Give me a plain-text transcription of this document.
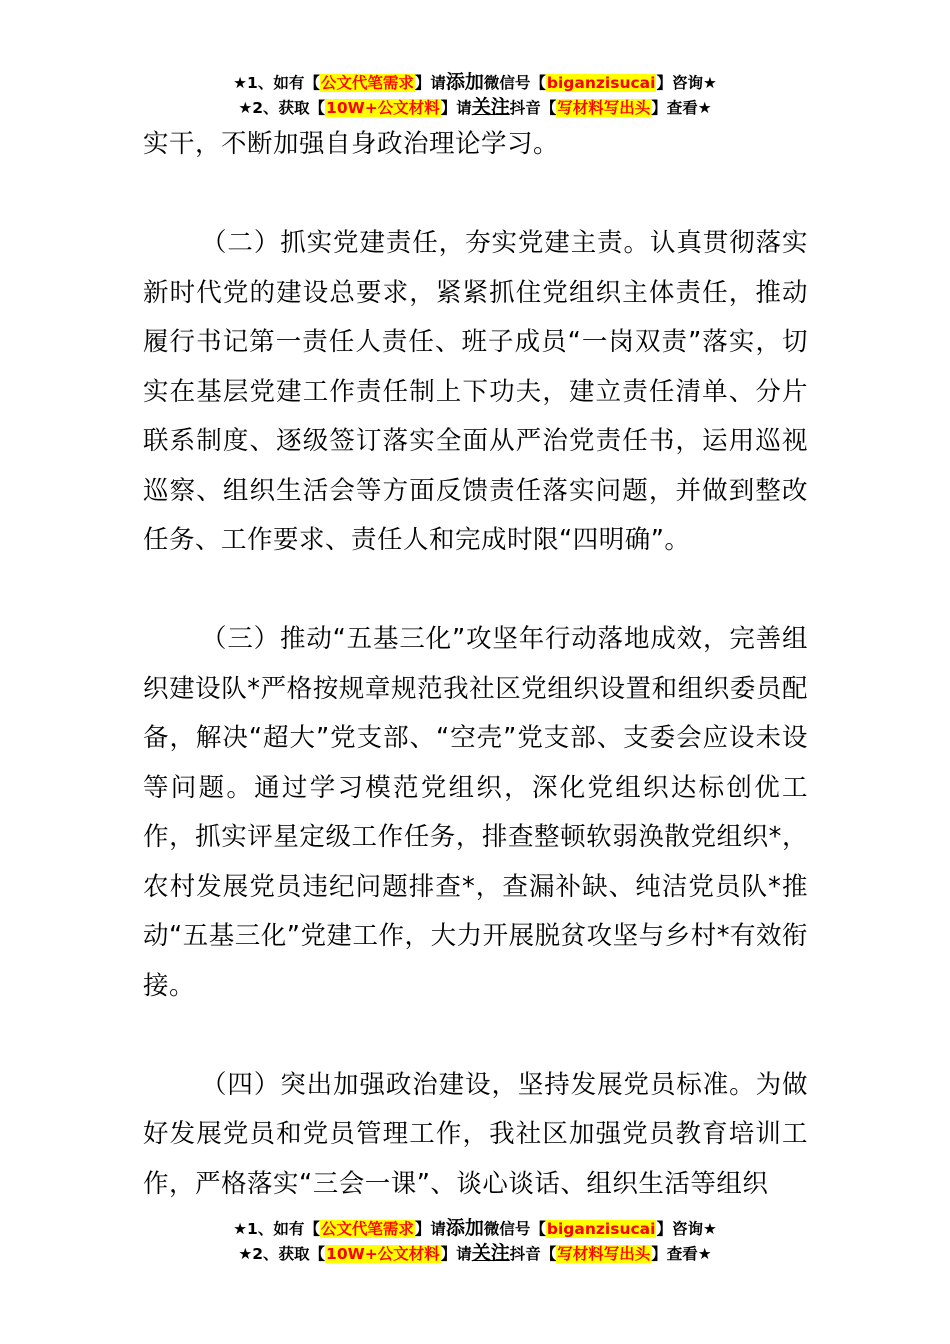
★1、如有【公文代笔需求】请添加微信号【biganzisucai】咨询★
★2、获取【10W+公文材料】请关注抖音【写材料写出头】查看★

实干，不断加强自身政治理论学习。

（二）抓实党建责任，夯实党建主责。认真贯彻落实新时代党的建设总要求，紧紧抓住党组织主体责任，推动履行书记第一责任人责任、班子成员“一岗双责”落实，切实在基层党建工作责任制上下功夫，建立责任清单、分片联系制度、逐级签订落实全面从严治党责任书，运用巡视巡察、组织生活会等方面反馈责任落实问题，并做到整改任务、工作要求、责任人和完成时限“四明确”。

（三）推动“五基三化”攻坚年行动落地成效，完善组织建设队*严格按规章规范我社区党组织设置和组织委员配备，解决“超大”党支部、“空壳”党支部、支委会应设未设等问题。通过学习模范党组织，深化党组织达标创优工作，抓实评星定级工作任务，排查整顿软弱涣散党组织*，农村发展党员违纪问题排查*，查漏补缺、纯洁党员队*推动“五基三化”党建工作，大力开展脱贫攻坚与乡村*有效衔接。

（四）突出加强政治建设，坚持发展党员标准。为做好发展党员和党员管理工作，我社区加强党员教育培训工作，严格落实“三会一课”、谈心谈话、组织生活等组织

★1、如有【公文代笔需求】请添加微信号【biganzisucai】咨询★
★2、获取【10W+公文材料】请关注抖音【写材料写出头】查看★
